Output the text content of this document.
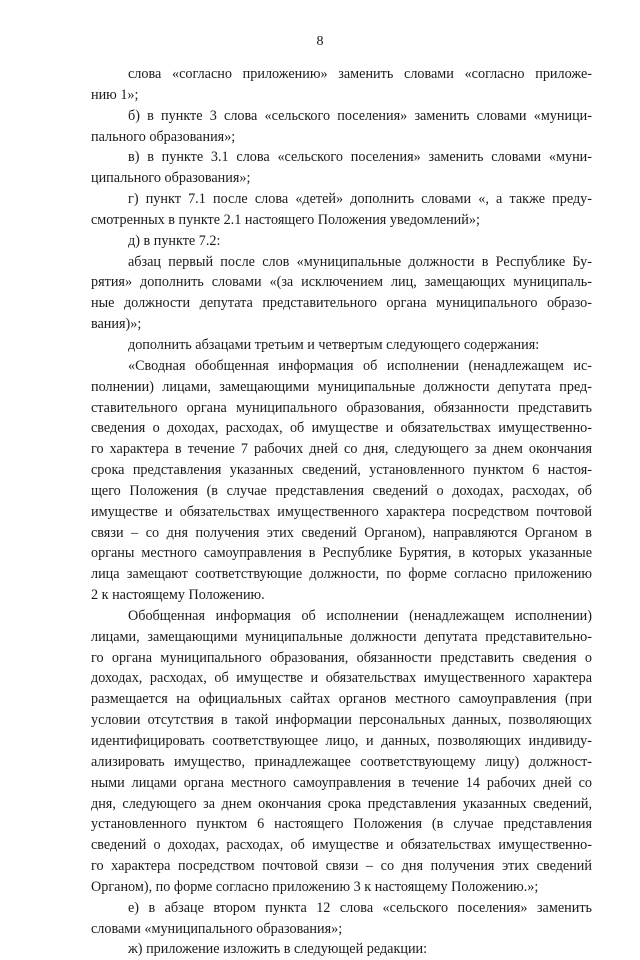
8
слова «согласно приложению» заменить словами «согласно приложе-
нию 1»;
б) в пункте 3 слова «сельского поселения» заменить словами «муници-
пального образования»;
в) в пункте 3.1 слова «сельского поселения» заменить словами «муни-
ципального образования»;
г) пункт 7.1 после слова «детей» дополнить словами «, а также преду-
смотренных в пункте 2.1 настоящего Положения уведомлений»;
д) в пункте 7.2:
абзац первый после слов «муниципальные должности в Республике Бу-
рятия» дополнить словами «(за исключением лиц, замещающих муниципаль-
ные должности депутата представительного органа муниципального образо-
вания)»;
дополнить абзацами третьим и четвертым следующего содержания:
«Сводная обобщенная информация об исполнении (ненадлежащем ис-
полнении) лицами, замещающими муниципальные должности депутата пред-
ставительного органа муниципального образования, обязанности представить
сведения о доходах, расходах, об имуществе и обязательствах имущественно-
го характера в течение 7 рабочих дней со дня, следующего за днем окончания
срока представления указанных сведений, установленного пунктом 6 настоя-
щего Положения (в случае представления сведений о доходах, расходах, об
имуществе и обязательствах имущественного характера посредством почтовой
связи – со дня получения этих сведений Органом), направляются Органом в
органы местного самоуправления в Республике Бурятия, в которых указанные
лица замещают соответствующие должности, по форме согласно приложению
2 к настоящему Положению.
Обобщенная информация об исполнении (ненадлежащем исполнении)
лицами, замещающими муниципальные должности депутата представительно-
го органа муниципального образования, обязанности представить сведения о
доходах, расходах, об имуществе и обязательствах имущественного характера
размещается на официальных сайтах органов местного самоуправления (при
условии отсутствия в такой информации персональных данных, позволяющих
идентифицировать соответствующее лицо, и данных, позволяющих индивиду-
ализировать имущество, принадлежащее соответствующему лицу) должност-
ными лицами органа местного самоуправления в течение 14 рабочих дней со
дня, следующего за днем окончания срока представления указанных сведений,
установленного пунктом 6 настоящего Положения (в случае представления
сведений о доходах, расходах, об имуществе и обязательствах имущественно-
го характера посредством почтовой связи – со дня получения этих сведений
Органом), по форме согласно приложению 3 к настоящему Положению.»;
е) в абзаце втором пункта 12 слова «сельского поселения» заменить
словами «муниципального образования»;
ж) приложение изложить в следующей редакции:
